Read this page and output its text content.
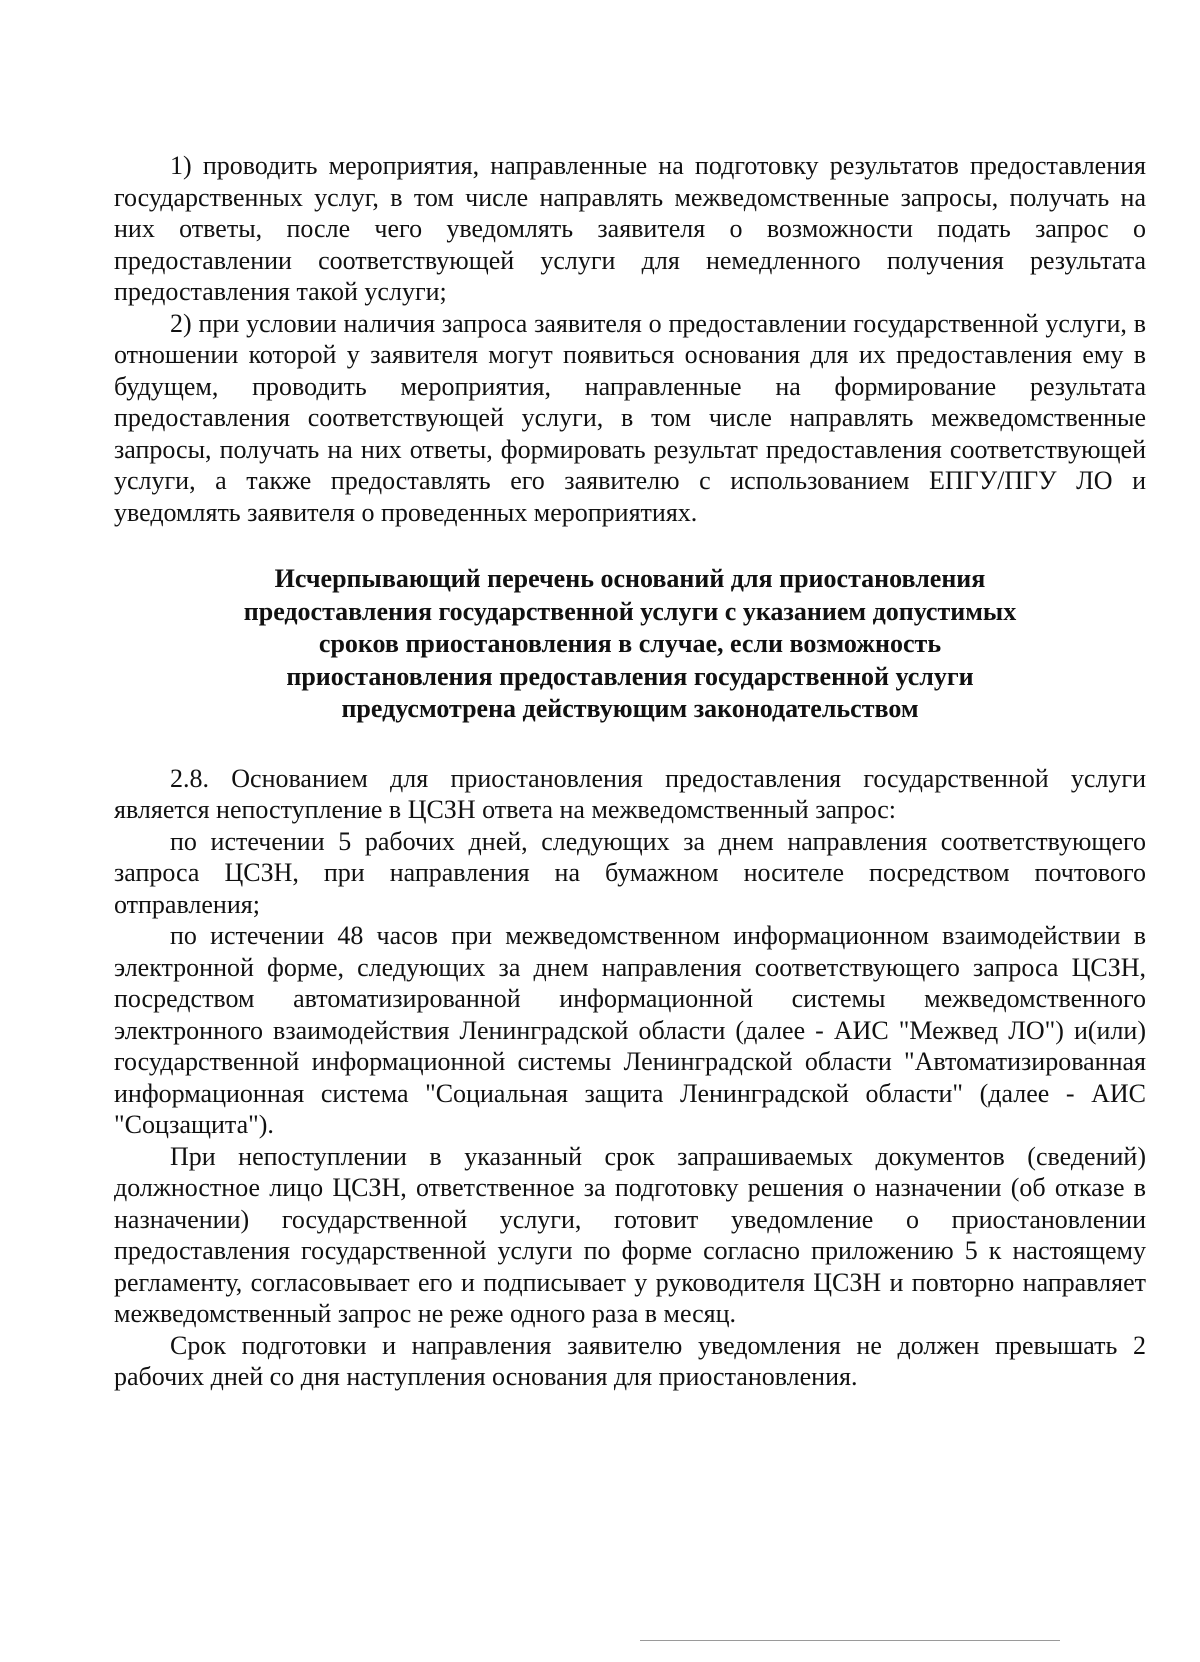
1) проводить мероприятия, направленные на подготовку результатов предоставления государственных услуг, в том числе направлять межведомственные запросы, получать на них ответы, после чего уведомлять заявителя о возможности подать запрос о предоставлении соответствующей услуги для немедленного получения результата предоставления такой услуги;

2) при условии наличия запроса заявителя о предоставлении государственной услуги, в отношении которой у заявителя могут появиться основания для их предоставления ему в будущем, проводить мероприятия, направленные на формирование результата предоставления соответствующей услуги, в том числе направлять межведомственные запросы, получать на них ответы, формировать результат предоставления соответствующей услуги, а также предоставлять его заявителю с использованием ЕПГУ/ПГУ ЛО и уведомлять заявителя о проведенных мероприятиях.

Исчерпывающий перечень оснований для приостановления

предоставления государственной услуги с указанием допустимых

сроков приостановления в случае, если возможность

приостановления предоставления государственной услуги

предусмотрена действующим законодательством

2.8. Основанием для приостановления предоставления государственной услуги является непоступление в ЦСЗН ответа на межведомственный запрос:

по истечении 5 рабочих дней, следующих за днем направления соответствующего запроса ЦСЗН, при направления на бумажном носителе посредством почтового отправления;

по истечении 48 часов при межведомственном информационном взаимодействии в электронной форме, следующих за днем направления соответствующего запроса ЦСЗН, посредством автоматизированной информационной системы межведомственного электронного взаимодействия Ленинградской области (далее - АИС "Межвед ЛО") и(или) государственной информационной системы Ленинградской области "Автоматизированная информационная система "Социальная защита Ленинградской области" (далее - АИС "Соцзащита").

При непоступлении в указанный срок запрашиваемых документов (сведений) должностное лицо ЦСЗН, ответственное за подготовку решения о назначении (об отказе в назначении) государственной услуги, готовит уведомление о приостановлении предоставления государственной услуги по форме согласно приложению 5 к настоящему регламенту, согласовывает его и подписывает у руководителя ЦСЗН и повторно направляет межведомственный запрос не реже одного раза в месяц.

Срок подготовки и направления заявителю уведомления не должен превышать 2 рабочих дней со дня наступления основания для приостановления.
